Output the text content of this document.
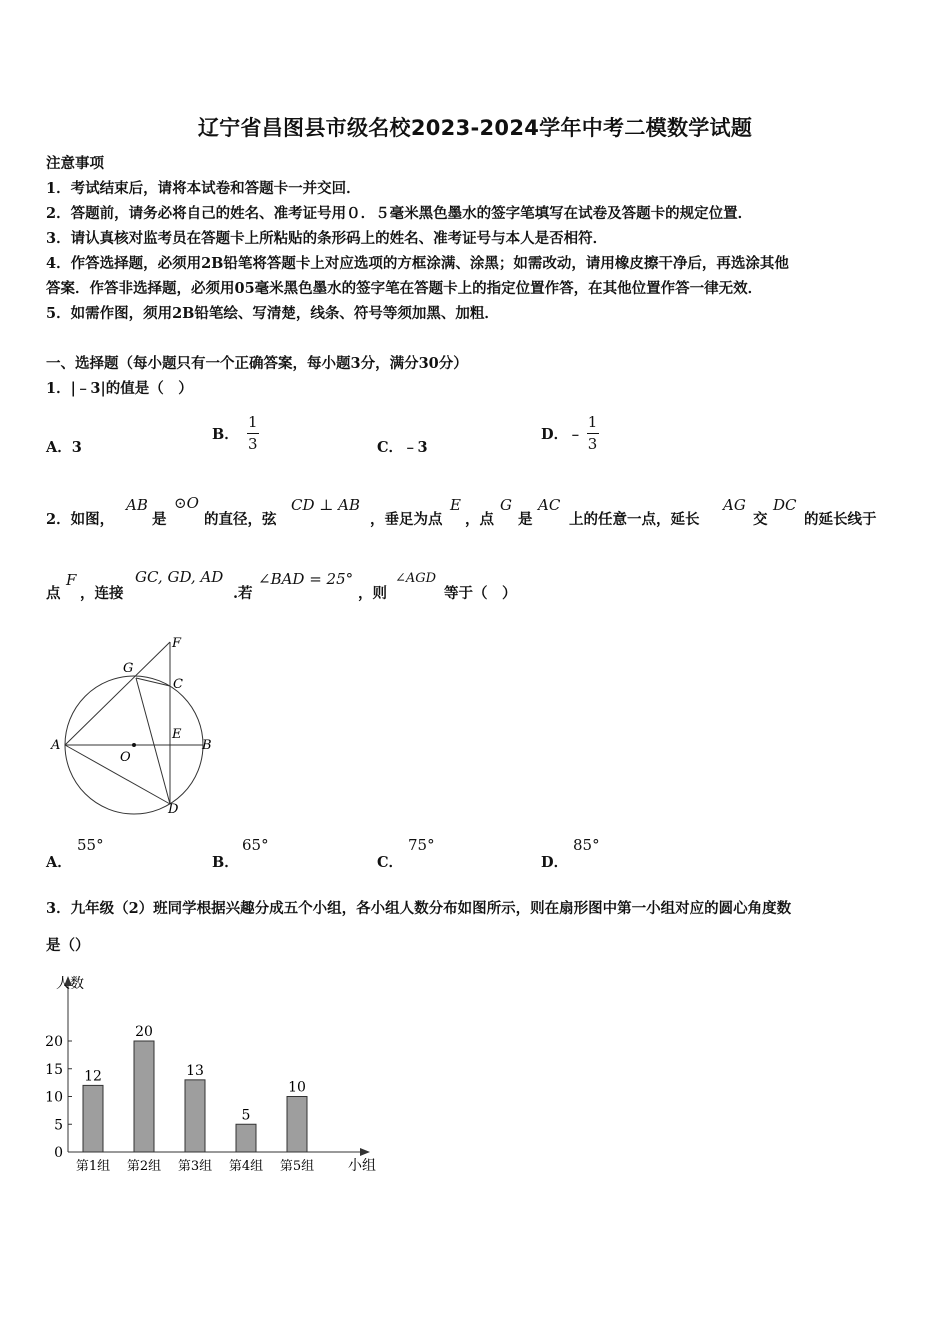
辽宁省昌图县市级名校2023-2024学年中考二模数学试题
注意事项
1．考试结束后，请将本试卷和答题卡一并交回．
2．答题前，请务必将自己的姓名、准考证号用０．５毫米黑色墨水的签字笔填写在试卷及答题卡的规定位置．
3．请认真核对监考员在答题卡上所粘贴的条形码上的姓名、准考证号与本人是否相符．
4．作答选择题，必须用2B铅笔将答题卡上对应选项的方框涂满、涂黑；如需改动，请用橡皮擦干净后，再选涂其他
答案．作答非选择题，必须用05毫米黑色墨水的签字笔在答题卡上的指定位置作答，在其他位置作答一律无效．
5．如需作图，须用2B铅笔绘、写清楚，线条、符号等须加黑、加粗．
一、选择题（每小题只有一个正确答案，每小题3分，满分30分）
1．|﹣3|的值是（　）
A．3
B． $\frac{1}{3}$	C．﹣3
D．﹣ $\frac{1}{3}$
2．如图，
AB
是
⊙O
的直径，弦
CD ⊥ AB
，垂足为点
E
，点
G
是
AC
上的任意一点，延长
AG
交
DC
的延长线于
点
F
，连接
GC, GD, AD
.若
∠BAD = 25°
，则
∠AGD
等于（　）
A	B
C
D
E
F
G
O
A．
55°
B．
65°
C．
75°
D．
85°
3．九年级（2）班同学根据兴趣分成五个小组，各小组人数分布如图所示，则在扇形图中第一小组对应的圆心角度数
是（）
人数
小组
0
5
10
15
20
12
第1组
20
第2组
13
第3组
5
第4组
10
第5组
